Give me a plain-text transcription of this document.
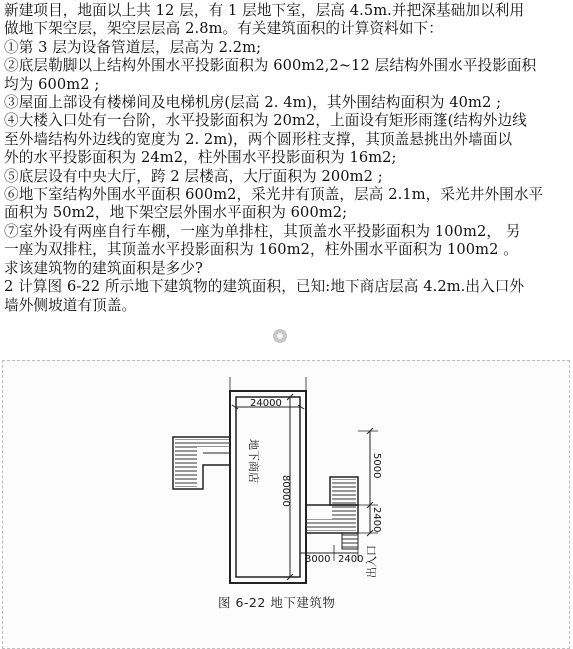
新建项目，地面以上共 12 层，有 1 层地下室，层高 4.5m.并把深基础加以利用
做地下架空层，架空层层高 2.8m。有关建筑面积的计算资料如下：
①第 3 层为设备管道层，层高为 2.2m;
②底层勒脚以上结构外围水平投影面积为 600m2,2~12 层结构外围水平投影面积
均为 600m2 ;
③屋面上部设有楼梯间及电梯机房(层高 2. 4m)，其外围结构面积为 40m2 ;
④大楼入口处有一台阶，水平投影面积为 20m2，上面设有矩形雨篷(结构外边线
至外墙结构外边线的宽度为 2. 2m)，两个圆形柱支撑，其顶盖悬挑出外墙面以
外的水平投影面积为 24m2，柱外围水平投影面积为 16m2;
⑤底层设有中央大厅，跨 2 层楼高，大厅面积为 200m2 ;
⑥地下室结构外围水平面积 600m2，采光井有顶盖，层高 2.1m，采光井外围水平
面积为 50m2，地下架空层外围水平面积为 600m2;
⑦室外设有两座自行车棚，一座为单排柱，其顶盖水平投影面积为 100m2， 另
一座为双排柱，其顶盖水平投影面积为 160m2，柱外围水平面积为 100m2 。
求该建筑物的建筑面积是多少?
2 计算图 6-22 所示地下建筑物的建筑面积，已知:地下商店层高 4.2m.出入口外
墙外侧坡道有顶盖。
24000
地下商店
80000
5000
2400
3000 2400 出入口
图 6-22 地下建筑物
